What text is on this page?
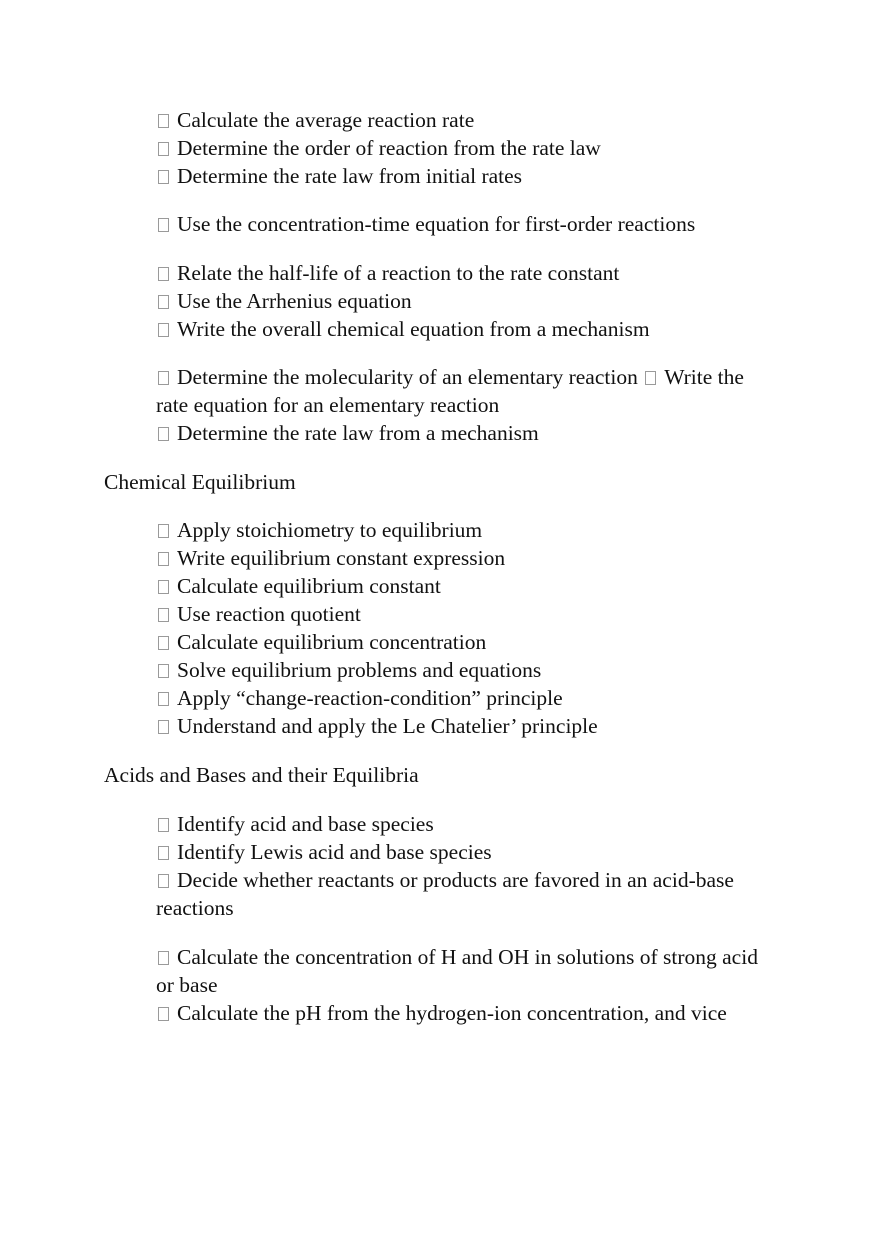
Calculate the average reaction rate
Determine the order of reaction from the rate law
Determine the rate law from initial rates
Use the concentration-time equation for first-order reactions
Relate the half-life of a reaction to the rate constant
Use the Arrhenius equation
Write the overall chemical equation from a mechanism
Determine the molecularity of an elementary reaction Write the rate equation for an elementary reaction
Determine the rate law from a mechanism
Chemical Equilibrium
Apply stoichiometry to equilibrium
Write equilibrium constant expression
Calculate equilibrium constant
Use reaction quotient
Calculate equilibrium concentration
Solve equilibrium problems and equations
Apply “change-reaction-condition” principle
Understand and apply the Le Chatelier’ principle
Acids and Bases and their Equilibria
Identify acid and base species
Identify Lewis acid and base species
Decide whether reactants or products are favored in an acid-base reactions
Calculate the concentration of H and OH in solutions of strong acid or base
Calculate the pH from the hydrogen-ion concentration, and vice
